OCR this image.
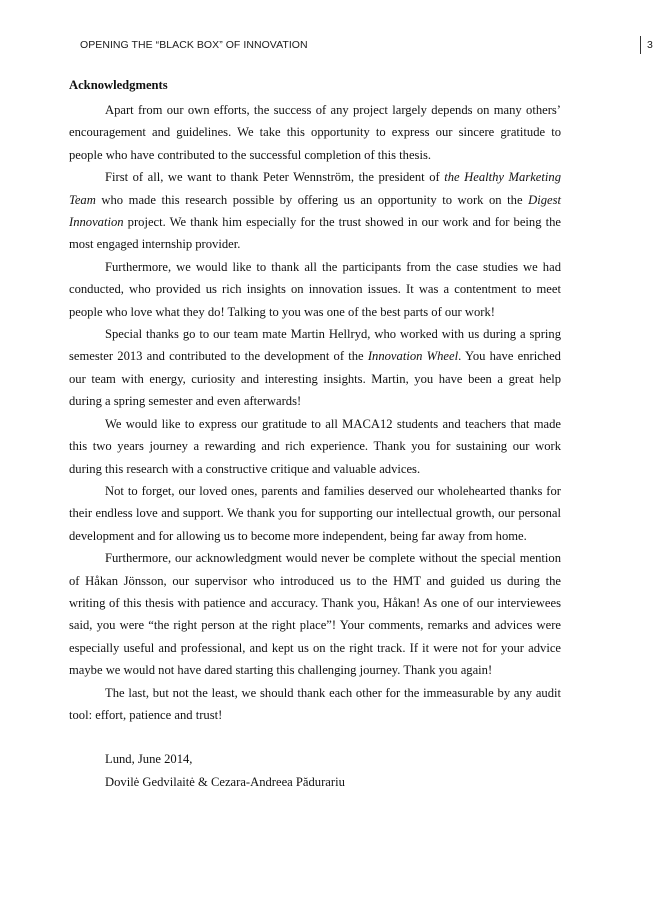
OPENING THE “BLACK BOX” OF INNOVATION	3
Acknowledgments

Apart from our own efforts, the success of any project largely depends on many others’ encouragement and guidelines. We take this opportunity to express our sincere gratitude to people who have contributed to the successful completion of this thesis.

First of all, we want to thank Peter Wennström, the president of the Healthy Marketing Team who made this research possible by offering us an opportunity to work on the Digest Innovation project. We thank him especially for the trust showed in our work and for being the most engaged internship provider.

Furthermore, we would like to thank all the participants from the case studies we had conducted, who provided us rich insights on innovation issues. It was a contentment to meet people who love what they do! Talking to you was one of the best parts of our work!

Special thanks go to our team mate Martin Hellryd, who worked with us during a spring semester 2013 and contributed to the development of the Innovation Wheel. You have enriched our team with energy, curiosity and interesting insights. Martin, you have been a great help during a spring semester and even afterwards!

We would like to express our gratitude to all MACA12 students and teachers that made this two years journey a rewarding and rich experience. Thank you for sustaining our work during this research with a constructive critique and valuable advices.

Not to forget, our loved ones, parents and families deserved our wholehearted thanks for their endless love and support. We thank you for supporting our intellectual growth, our personal development and for allowing us to become more independent, being far away from home.

Furthermore, our acknowledgment would never be complete without the special mention of Håkan Jönsson, our supervisor who introduced us to the HMT and guided us during the writing of this thesis with patience and accuracy. Thank you, Håkan! As one of our interviewees said, you were “the right person at the right place”! Your comments, remarks and advices were especially useful and professional, and kept us on the right track. If it were not for your advice maybe we would not have dared starting this challenging journey. Thank you again!

The last, but not the least, we should thank each other for the immeasurable by any audit tool: effort, patience and trust!

Lund, June 2014,

Dovilė Gedvilaitė & Cezara-Andreea Pădurariu
